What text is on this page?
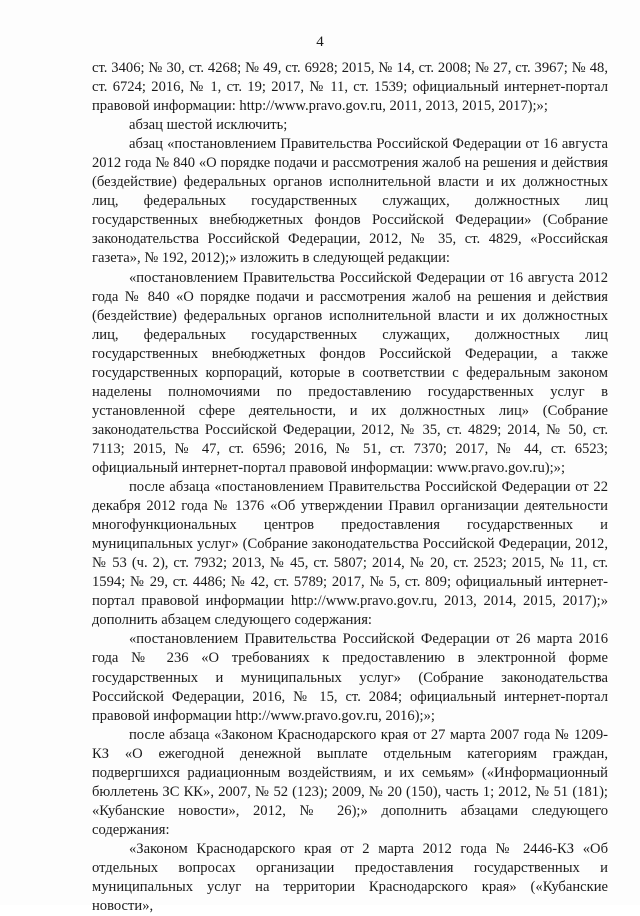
4

ст. 3406; № 30, ст. 4268; № 49, ст. 6928; 2015, № 14, ст. 2008; № 27, ст. 3967; № 48, ст. 6724; 2016, № 1, ст. 19; 2017, № 11, ст. 1539; официальный интернет-портал правовой информации: http://www.pravo.gov.ru, 2011, 2013, 2015, 2017);»;

абзац шестой исключить;

абзац «постановлением Правительства Российской Федерации от 16 августа 2012 года № 840 «О порядке подачи и рассмотрения жалоб на решения и действия (бездействие) федеральных органов исполнительной власти и их должностных лиц, федеральных государственных служащих, должностных лиц государственных внебюджетных фондов Российской Федерации» (Собрание законодательства Российской Федерации, 2012, № 35, ст. 4829, «Российская газета», № 192, 2012);» изложить в следующей редакции:

«постановлением Правительства Российской Федерации от 16 августа 2012 года № 840 «О порядке подачи и рассмотрения жалоб на решения и действия (бездействие) федеральных органов исполнительной власти и их должностных лиц, федеральных государственных служащих, должностных лиц государственных внебюджетных фондов Российской Федерации, а также государственных корпораций, которые в соответствии с федеральным законом наделены полномочиями по предоставлению государственных услуг в установленной сфере деятельности, и их должностных лиц» (Собрание законодательства Российской Федерации, 2012, № 35, ст. 4829; 2014, № 50, ст. 7113; 2015, № 47, ст. 6596; 2016, № 51, ст. 7370; 2017, № 44, ст. 6523; официальный интернет-портал правовой информации: www.pravo.gov.ru);»;

после абзаца «постановлением Правительства Российской Федерации от 22 декабря 2012 года № 1376 «Об утверждении Правил организации деятельности многофункциональных центров предоставления государственных и муниципальных услуг» (Собрание законодательства Российской Федерации, 2012, № 53 (ч. 2), ст. 7932; 2013, № 45, ст. 5807; 2014, № 20, ст. 2523; 2015, № 11, ст. 1594; № 29, ст. 4486; № 42, ст. 5789; 2017, № 5, ст. 809; официальный интернет-портал правовой информации http://www.pravo.gov.ru, 2013, 2014, 2015, 2017);» дополнить абзацем следующего содержания:

«постановлением Правительства Российской Федерации от 26 марта 2016 года № 236 «О требованиях к предоставлению в электронной форме государственных и муниципальных услуг» (Собрание законодательства Российской Федерации, 2016, № 15, ст. 2084; официальный интернет-портал правовой информации http://www.pravo.gov.ru, 2016);»;

после абзаца «Законом Краснодарского края от 27 марта 2007 года № 1209-КЗ «О ежегодной денежной выплате отдельным категориям граждан, подвергшихся радиационным воздействиям, и их семьям» («Информационный бюллетень ЗС КК», 2007, № 52 (123); 2009, № 20 (150), часть 1; 2012, № 51 (181); «Кубанские новости», 2012, № 26);» дополнить абзацами следующего содержания:

«Законом Краснодарского края от 2 марта 2012 года № 2446-КЗ «Об отдельных вопросах организации предоставления государственных и муниципальных услуг на территории Краснодарского края» («Кубанские новости»,
